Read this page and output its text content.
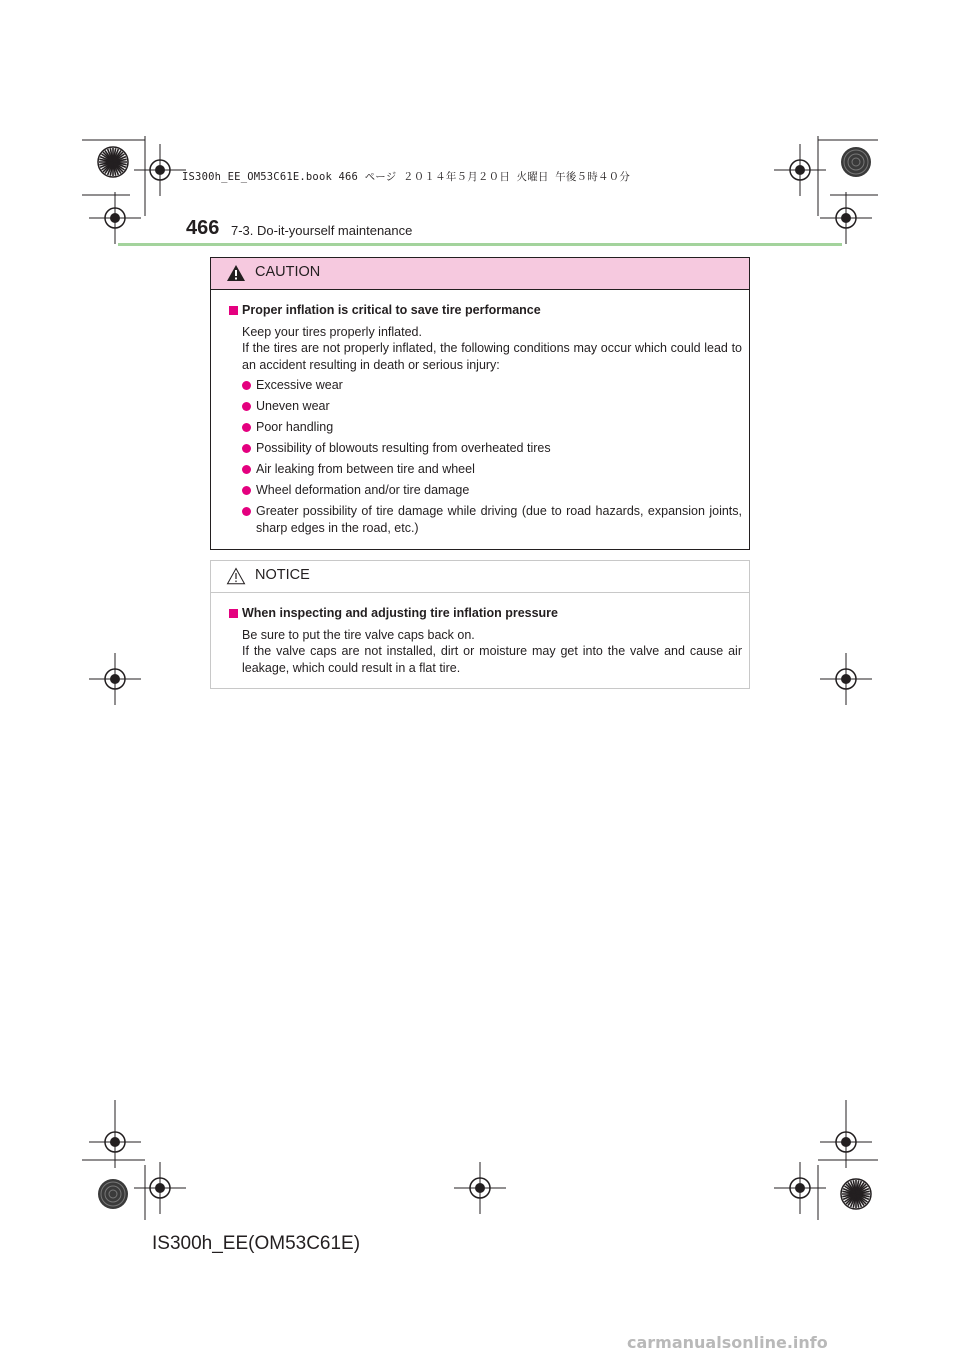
IS300h_EE_OM53C61E.book 466 ページ ２０１４年５月２０日 火曜日 午後５時４０分
466 7-3. Do-it-yourself maintenance
CAUTION
Proper inflation is critical to save tire performance
Keep your tires properly inflated.
If the tires are not properly inflated, the following conditions may occur which could lead to an accident resulting in death or serious injury:
Excessive wear
Uneven wear
Poor handling
Possibility of blowouts resulting from overheated tires
Air leaking from between tire and wheel
Wheel deformation and/or tire damage
Greater possibility of tire damage while driving (due to road hazards, expansion joints, sharp edges in the road, etc.)
NOTICE
When inspecting and adjusting tire inflation pressure
Be sure to put the tire valve caps back on.
If the valve caps are not installed, dirt or moisture may get into the valve and cause air leakage, which could result in a flat tire.
IS300h_EE(OM53C61E)
carmanualsonline.info
